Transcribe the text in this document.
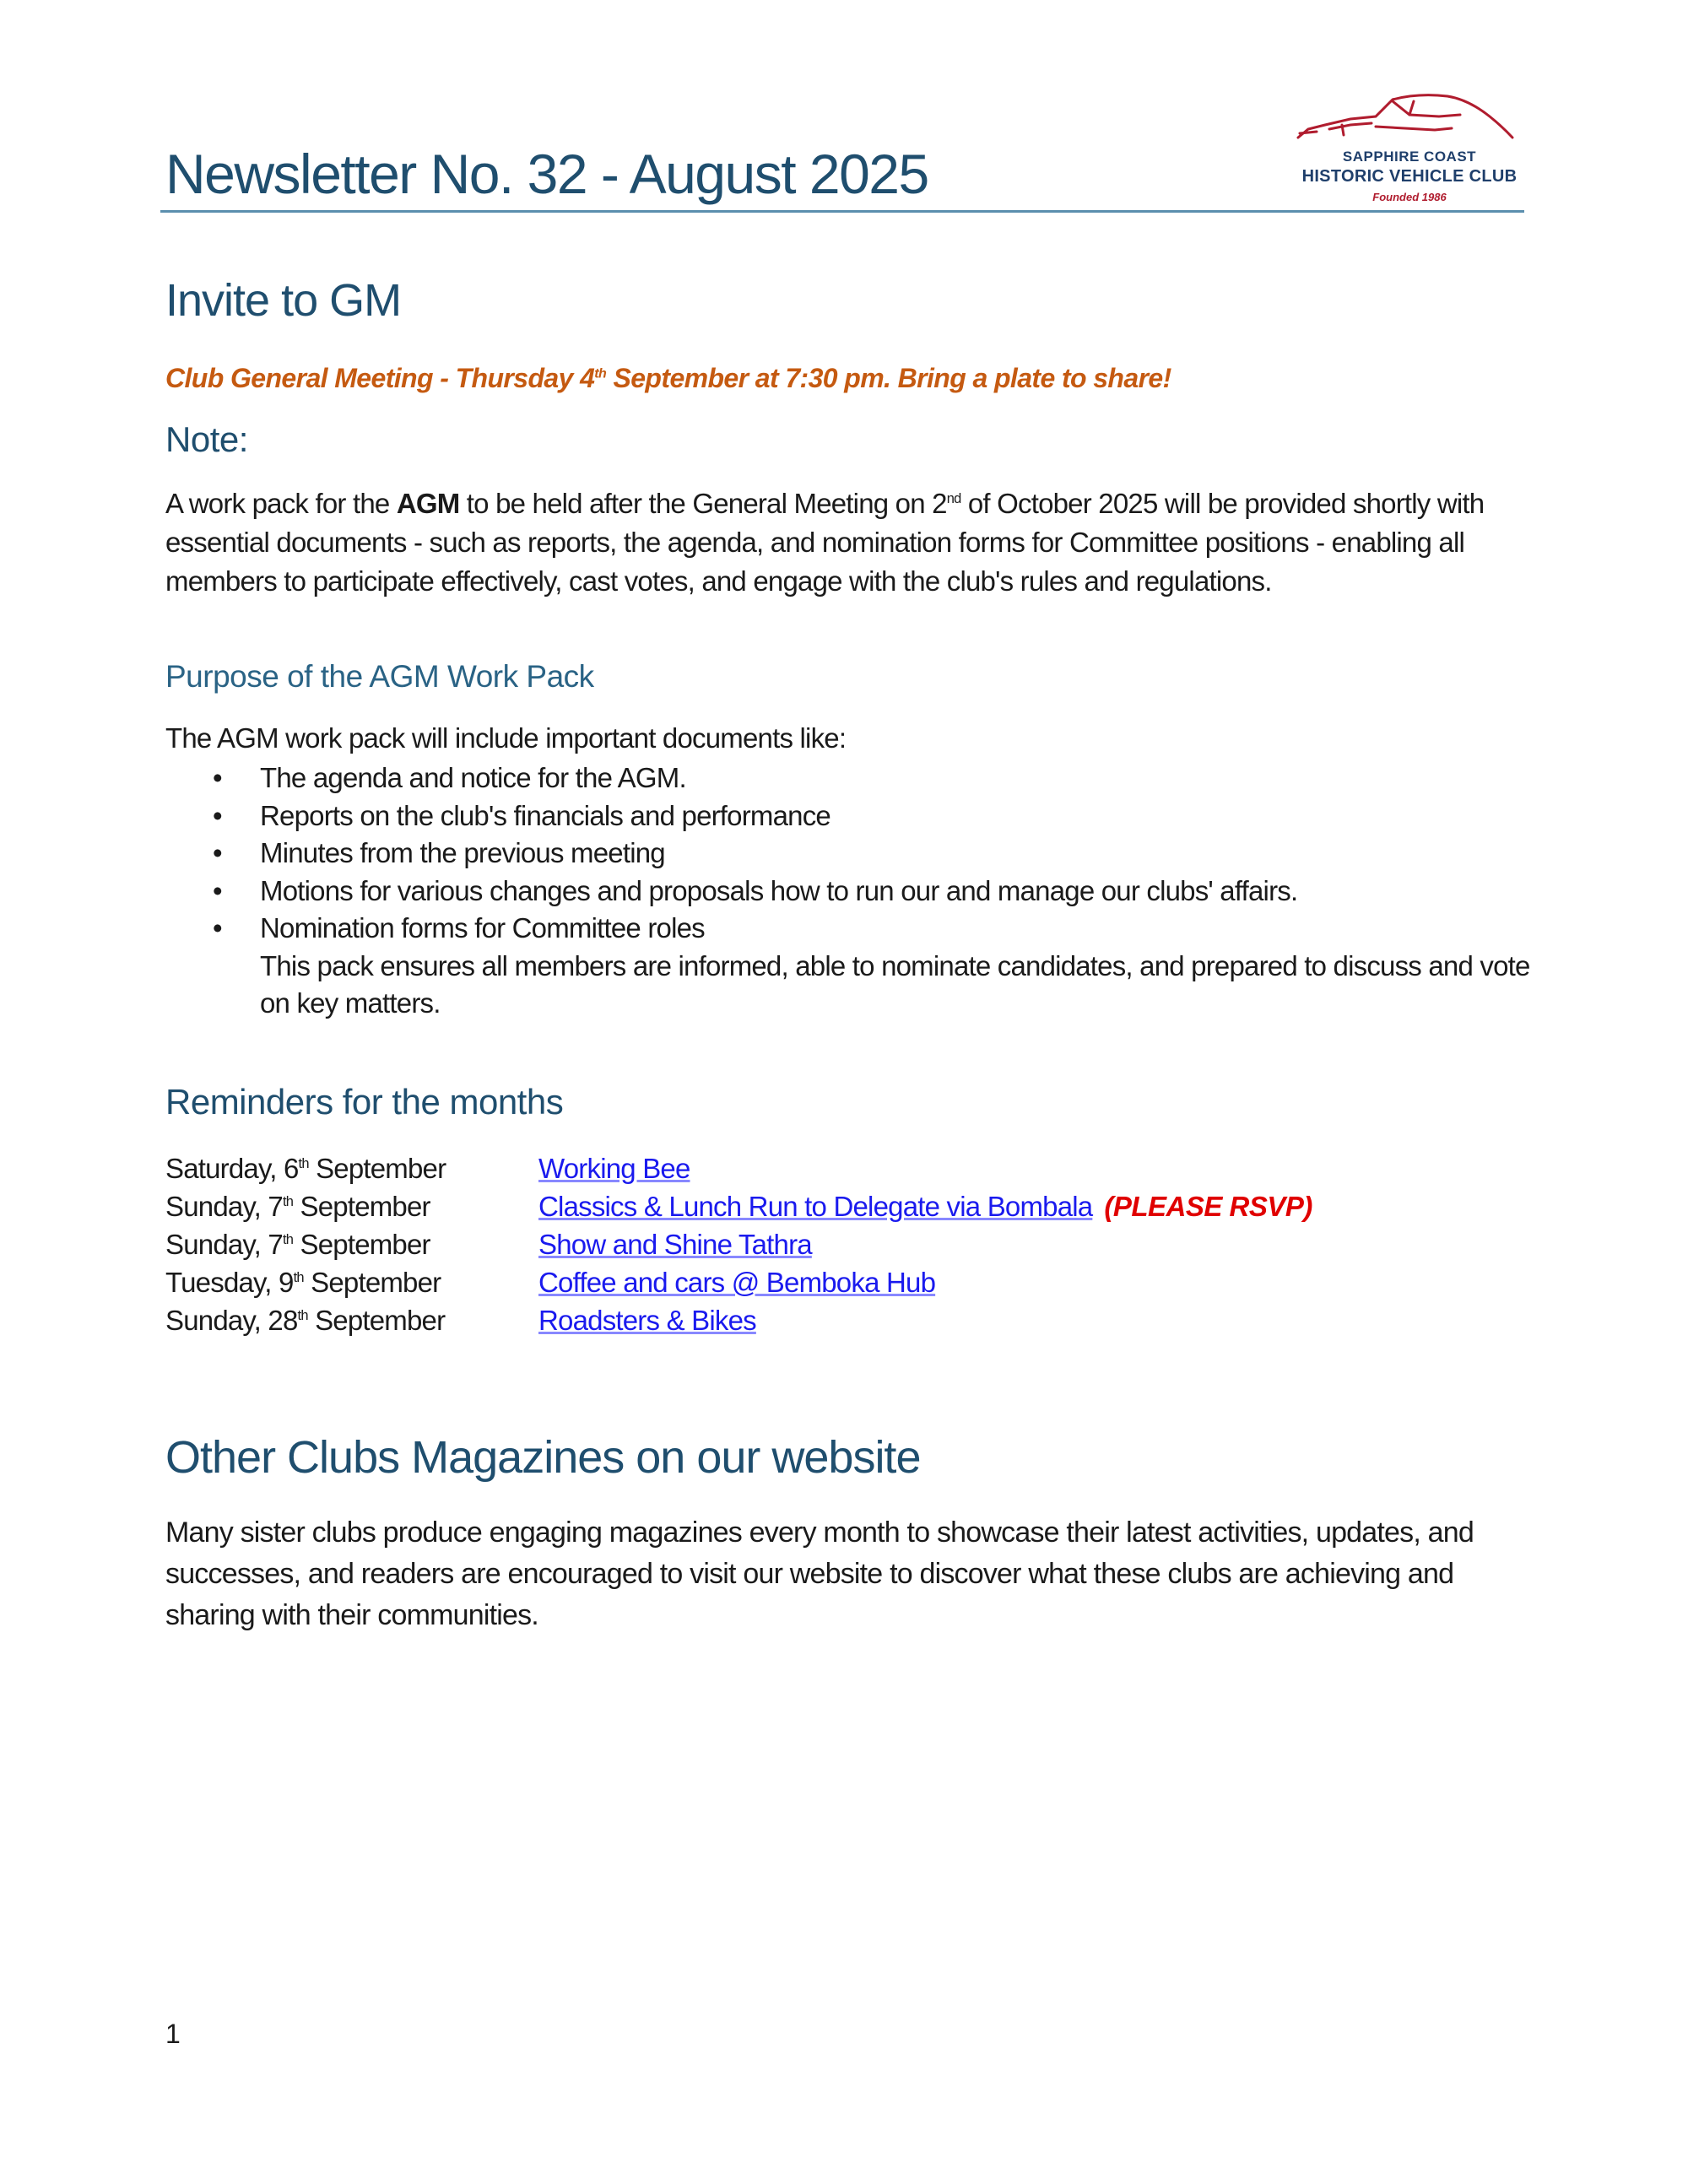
Newsletter No. 32 - August 2025	SAPPHIRE COAST
HISTORIC VEHICLE CLUB
Founded 1986
Invite to GM
Club General Meeting - Thursday 4th September at 7:30 pm. Bring a plate to share!
Note:
A work pack for the AGM to be held after the General Meeting on 2nd of October 2025 will be provided shortly with essential documents - such as reports, the agenda, and nomination forms for Committee positions - enabling all members to participate effectively, cast votes, and engage with the club's rules and regulations.
Purpose of the AGM Work Pack
The AGM work pack will include important documents like:
• The agenda and notice for the AGM.
• Reports on the club's financials and performance
• Minutes from the previous meeting
• Motions for various changes and proposals how to run our and manage our clubs' affairs.
• Nomination forms for Committee roles
This pack ensures all members are informed, able to nominate candidates, and prepared to discuss and vote on key matters.
Reminders for the months
Saturday, 6th September	Working Bee
Sunday, 7th September	Classics & Lunch Run to Delegate via Bombala (PLEASE RSVP)
Sunday, 7th September	Show and Shine Tathra
Tuesday, 9th September	Coffee and cars @ Bemboka Hub
Sunday, 28th September	Roadsters & Bikes
Other Clubs Magazines on our website
Many sister clubs produce engaging magazines every month to showcase their latest activities, updates, and successes, and readers are encouraged to visit our website to discover what these clubs are achieving and sharing with their communities.
1
